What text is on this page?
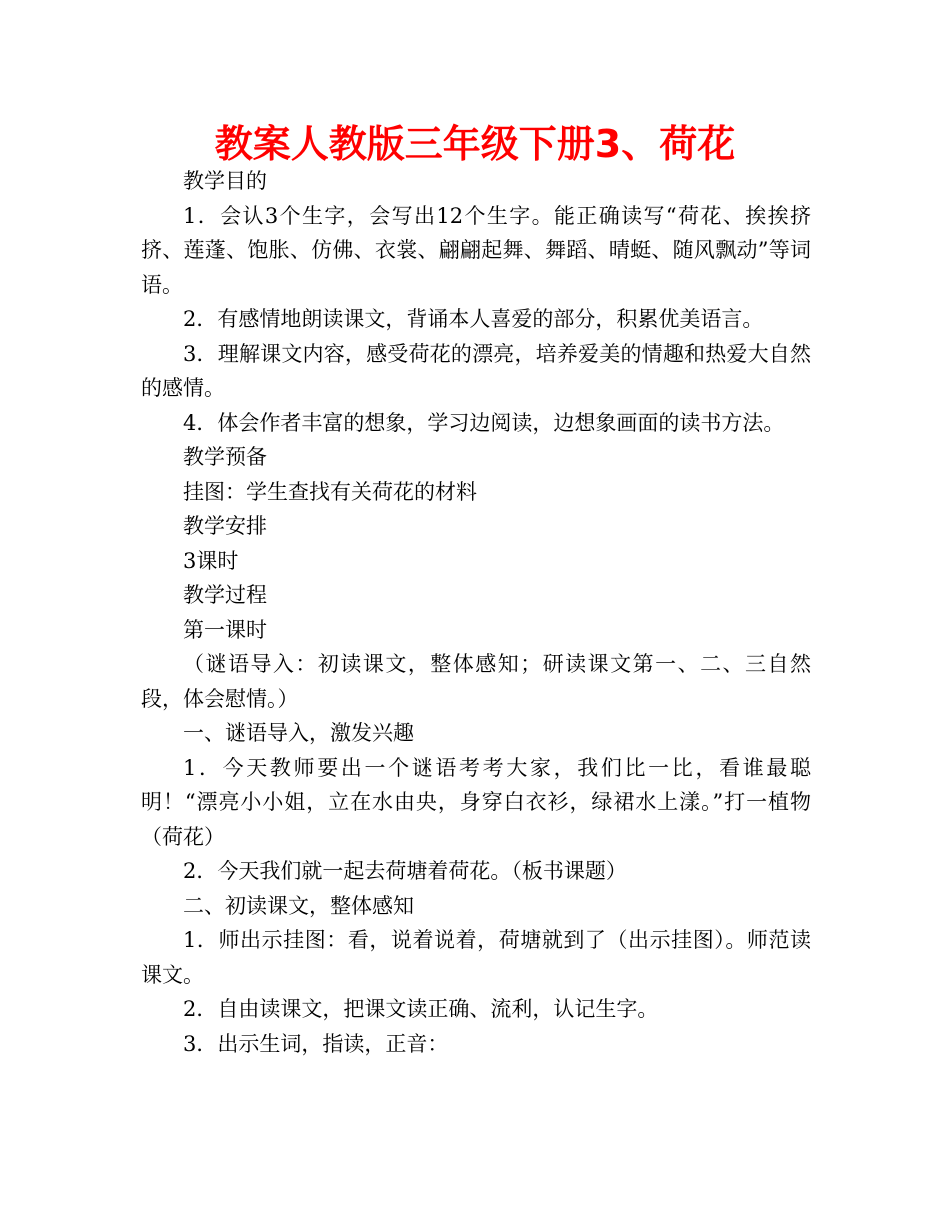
教案人教版三年级下册3、荷花

教学目的

1．会认3个生字，会写出12个生字。能正确读写“荷花、挨挨挤挤、莲蓬、饱胀、仿佛、衣裳、翩翩起舞、舞蹈、晴蜓、随风飘动”等词语。

2．有感情地朗读课文，背诵本人喜爱的部分，积累优美语言。

3．理解课文内容，感受荷花的漂亮，培养爱美的情趣和热爱大自然的感情。

4．体会作者丰富的想象，学习边阅读，边想象画面的读书方法。

教学预备

挂图：学生查找有关荷花的材料

教学安排

3课时

教学过程

第一课时

（谜语导入：初读课文，整体感知；研读课文第一、二、三自然段，体会慰情。）

一、谜语导入，激发兴趣

1．今天教师要出一个谜语考考大家，我们比一比，看谁最聪明！“漂亮小小姐，立在水由央，身穿白衣衫，绿裙水上漾。”打一植物（荷花）

2．今天我们就一起去荷塘着荷花。（板书课题）

二、初读课文，整体感知

1．师出示挂图：看，说着说着，荷塘就到了（出示挂图）。师范读课文。

2．自由读课文，把课文读正确、流利，认记生字。

3．出示生词，指读，正音：
